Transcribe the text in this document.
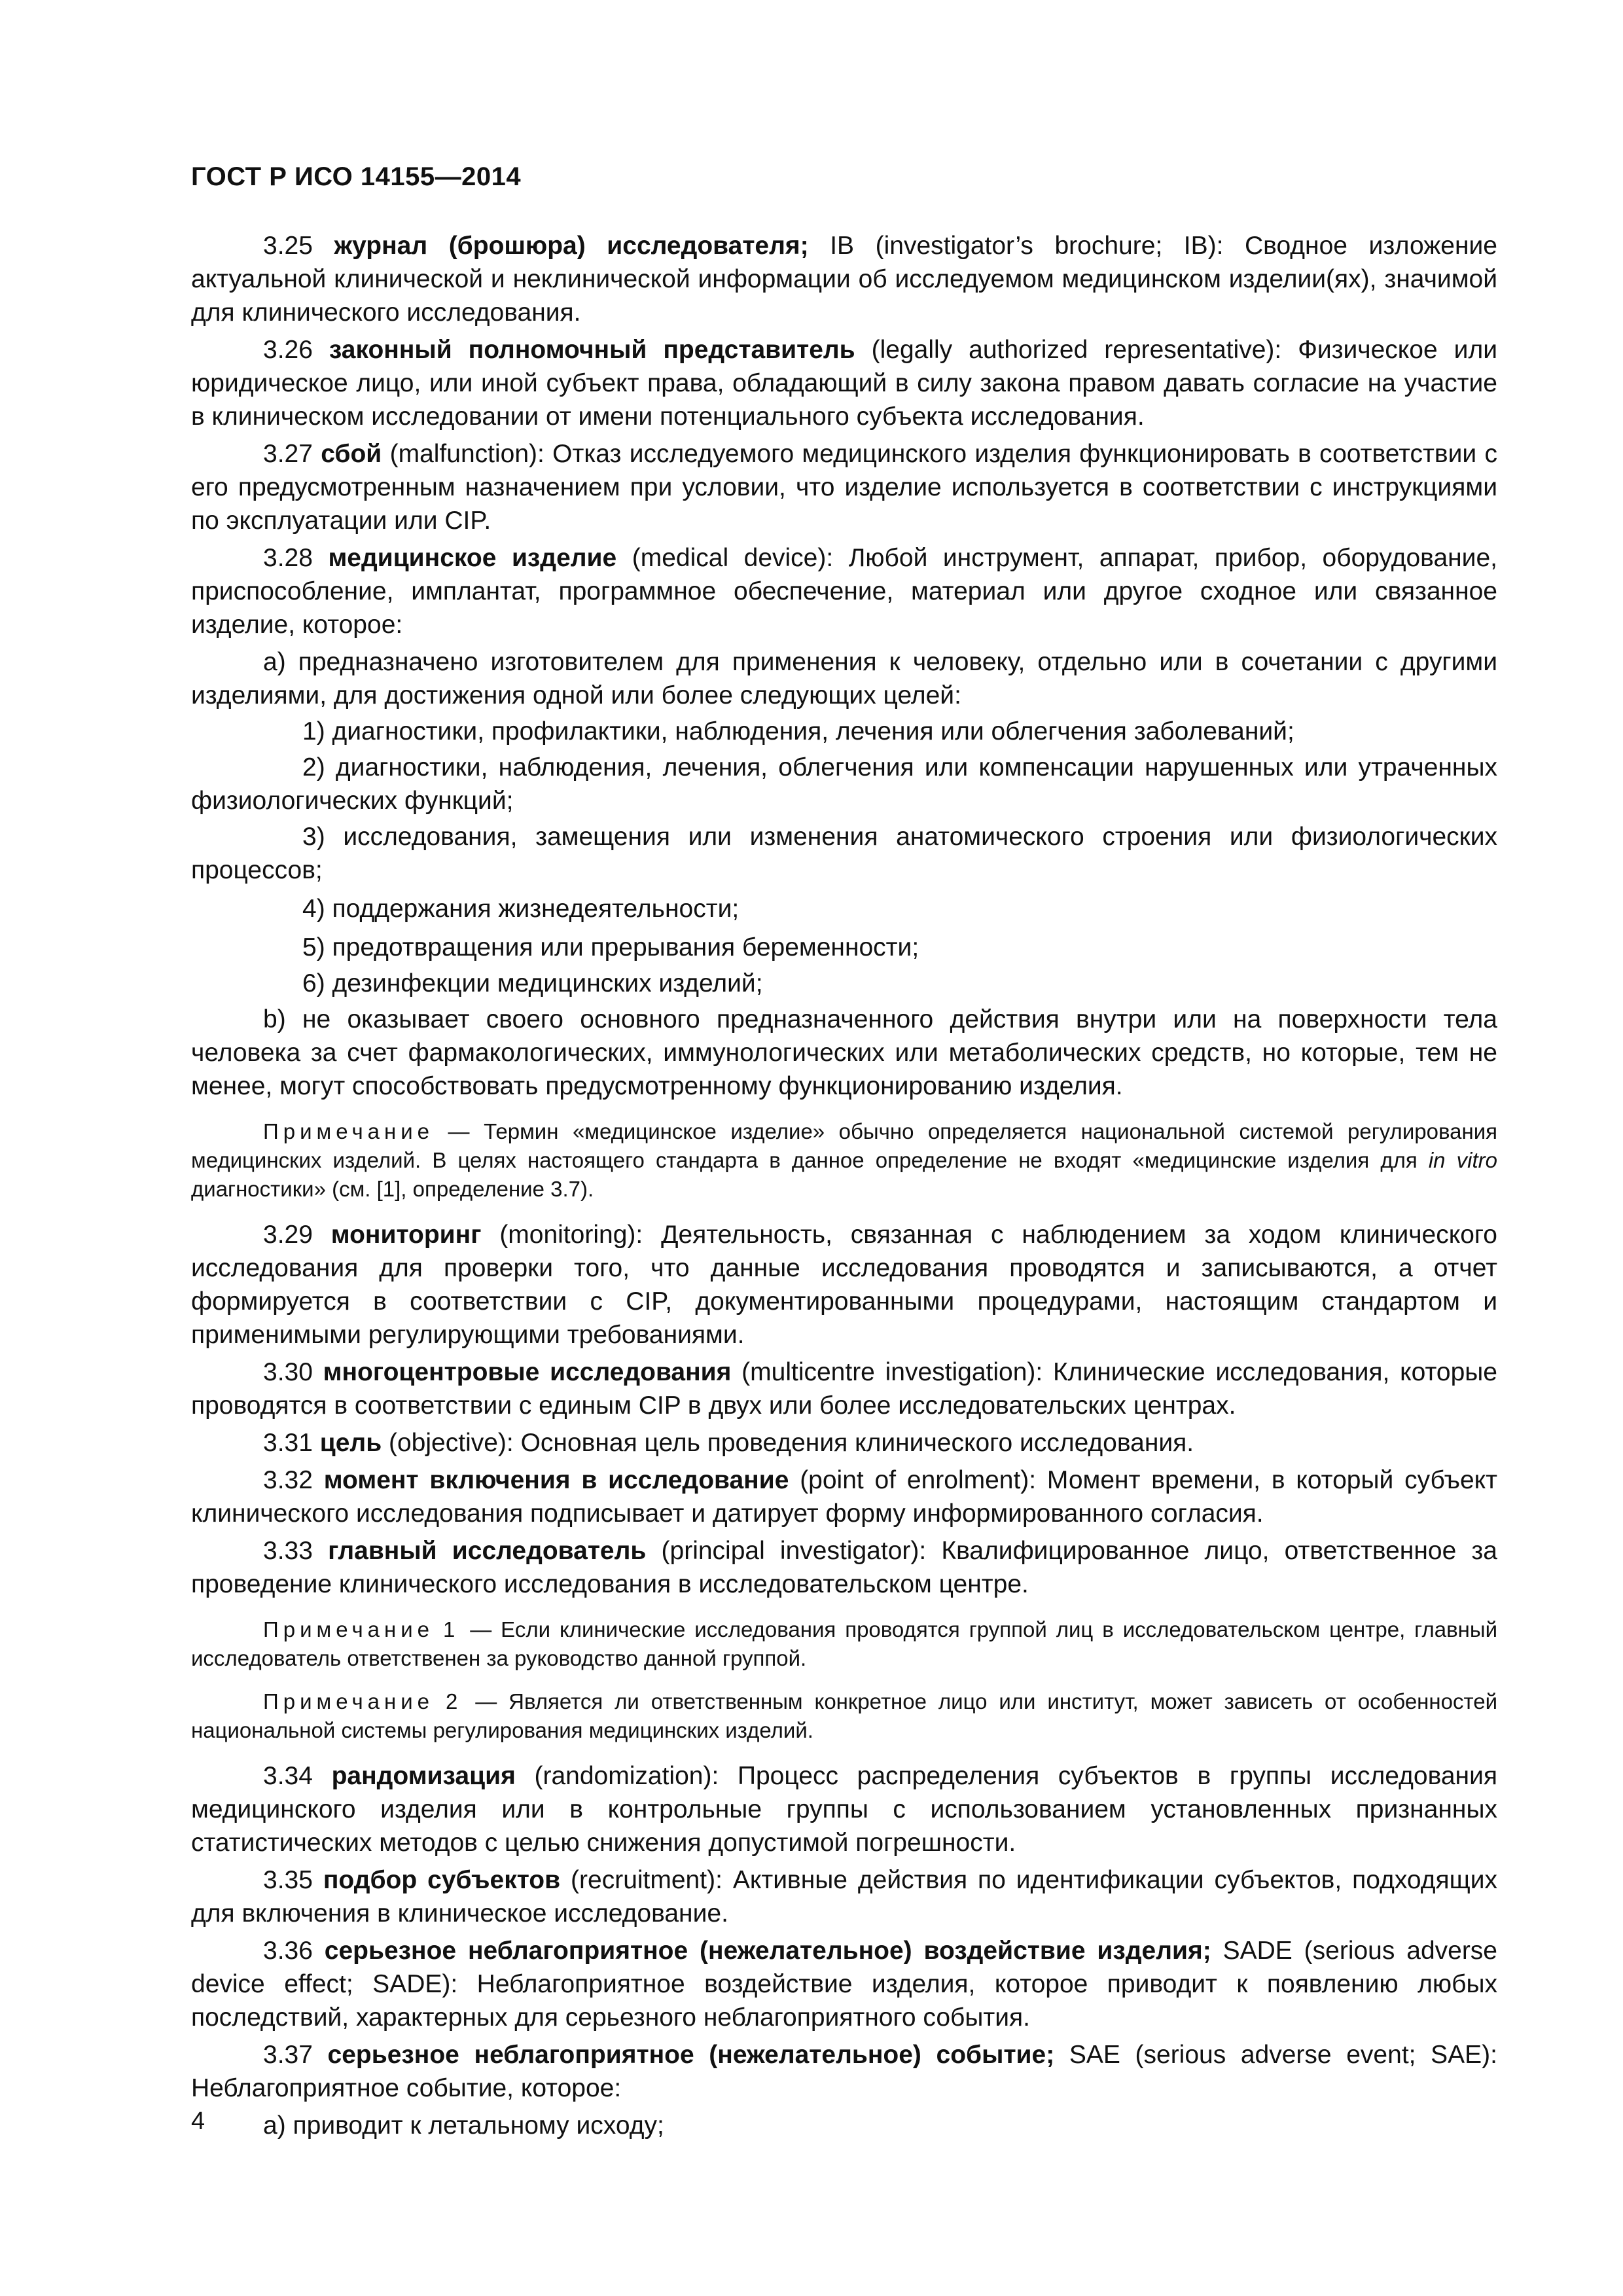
ГОСТ Р ИСО 14155—2014

3.25 журнал (брошюра) исследователя; IB (investigator’s brochure; IB): Сводное изложение актуальной клинической и неклинической информации об исследуемом медицинском изделии(ях), значимой для клинического исследования.

3.26 законный полномочный представитель (legally authorized representative): Физическое или юридическое лицо, или иной субъект права, обладающий в силу закона правом давать согласие на участие в клиническом исследовании от имени потенциального субъекта исследования.

3.27 сбой (malfunction): Отказ исследуемого медицинского изделия функционировать в соответствии с его предусмотренным назначением при условии, что изделие используется в соответствии с инструкциями по эксплуатации или CIP.

3.28 медицинское изделие (medical device): Любой инструмент, аппарат, прибор, оборудование, приспособление, имплантат, программное обеспечение, материал или другое сходное или связанное изделие, которое:

a) предназначено изготовителем для применения к человеку, отдельно или в сочетании с другими изделиями, для достижения одной или более следующих целей:

1) диагностики, профилактики, наблюдения, лечения или облегчения заболеваний;

2) диагностики, наблюдения, лечения, облегчения или компенсации нарушенных или утраченных физиологических функций;

3) исследования, замещения или изменения анатомического строения или физиологических процессов;

4) поддержания жизнедеятельности;

5) предотвращения или прерывания беременности;

6) дезинфекции медицинских изделий;

b) не оказывает своего основного предназначенного действия внутри или на поверхности тела человека за счет фармакологических, иммунологических или метаболических средств, но которые, тем не менее, могут способствовать предусмотренному функционированию изделия.

Примечание — Термин «медицинское изделие» обычно определяется национальной системой регулирования медицинских изделий. В целях настоящего стандарта в данное определение не входят «медицинские изделия для in vitro диагностики» (см. [1], определение 3.7).

3.29 мониторинг (monitoring): Деятельность, связанная с наблюдением за ходом клинического исследования для проверки того, что данные исследования проводятся и записываются, а отчет формируется в соответствии с CIP, документированными процедурами, настоящим стандартом и применимыми регулирующими требованиями.

3.30 многоцентровые исследования (multicentre investigation): Клинические исследования, которые проводятся в соответствии с единым CIP в двух или более исследовательских центрах.

3.31 цель (objective): Основная цель проведения клинического исследования.

3.32 момент включения в исследование (point of enrolment): Момент времени, в который субъект клинического исследования подписывает и датирует форму информированного согласия.

3.33 главный исследователь (principal investigator): Квалифицированное лицо, ответственное за проведение клинического исследования в исследовательском центре.

Примечание 1 — Если клинические исследования проводятся группой лиц в исследовательском центре, главный исследователь ответственен за руководство данной группой.

Примечание 2 — Является ли ответственным конкретное лицо или институт, может зависеть от особенностей национальной системы регулирования медицинских изделий.

3.34 рандомизация (randomization): Процесс распределения субъектов в группы исследования медицинского изделия или в контрольные группы с использованием установленных признанных статистических методов с целью снижения допустимой погрешности.

3.35 подбор субъектов (recruitment): Активные действия по идентификации субъектов, подходящих для включения в клиническое исследование.

3.36 серьезное неблагоприятное (нежелательное) воздействие изделия; SADE (serious adverse device effect; SADE): Неблагоприятное воздействие изделия, которое приводит к появлению любых последствий, характерных для серьезного неблагоприятного события.

3.37 серьезное неблагоприятное (нежелательное) событие; SAE (serious adverse event; SAE): Неблагоприятное событие, которое:

a) приводит к летальному исходу;

4
